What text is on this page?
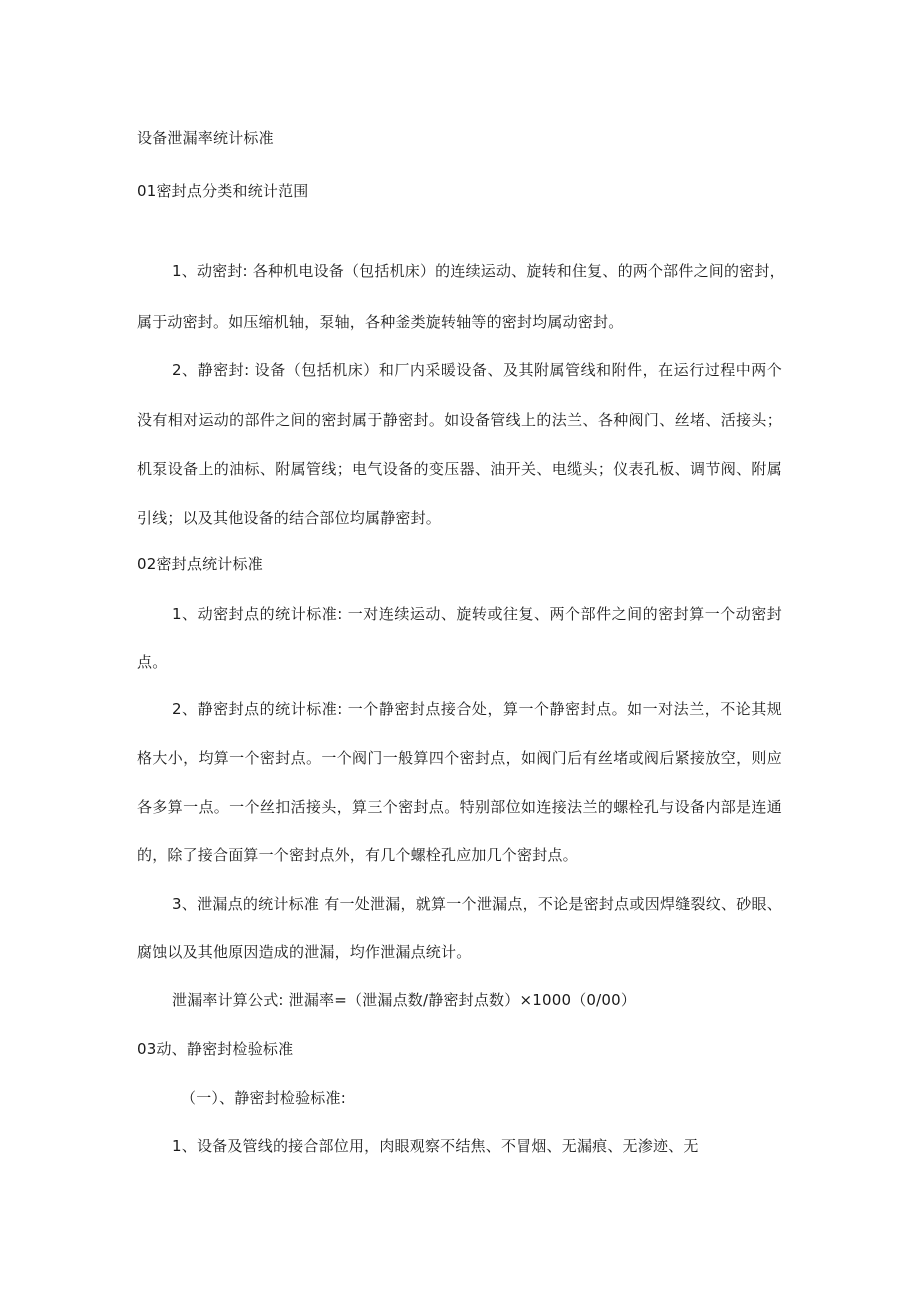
设备泄漏率统计标准
01密封点分类和统计范围
1、动密封: 各种机电设备（包括机床）的连续运动、旋转和住复、的两个部件之间的密封，
属于动密封。如压缩机轴，泵轴，各种釜类旋转轴等的密封均属动密封。
2、静密封: 设备（包括机床）和厂内采暖设备、及其附属管线和附件，在运行过程中两个
没有相对运动的部件之间的密封属于静密封。如设备管线上的法兰、各种阀门、丝堵、活接头；
机泵设备上的油标、附属管线；电气设备的变压器、油开关、电缆头；仪表孔板、调节阀、附属
引线；以及其他设备的结合部位均属静密封。
02密封点统计标准
1、动密封点的统计标准: 一对连续运动、旋转或往复、两个部件之间的密封算一个动密封
点。
2、静密封点的统计标准: 一个静密封点接合处，算一个静密封点。如一对法兰，不论其规
格大小，均算一个密封点。一个阀门一般算四个密封点，如阀门后有丝堵或阀后紧接放空，则应
各多算一点。一个丝扣活接头，算三个密封点。特别部位如连接法兰的螺栓孔与设备内部是连通
的，除了接合面算一个密封点外，有几个螺栓孔应加几个密封点。
3、泄漏点的统计标准 有一处泄漏，就算一个泄漏点，不论是密封点或因焊缝裂纹、砂眼、
腐蚀以及其他原因造成的泄漏，均作泄漏点统计。
泄漏率计算公式: 泄漏率=（泄漏点数/静密封点数）×1000（0/00）
03动、静密封检验标准
（一）、静密封检验标准:
1、设备及管线的接合部位用，肉眼观察不结焦、不冒烟、无漏痕、无渗迹、无
